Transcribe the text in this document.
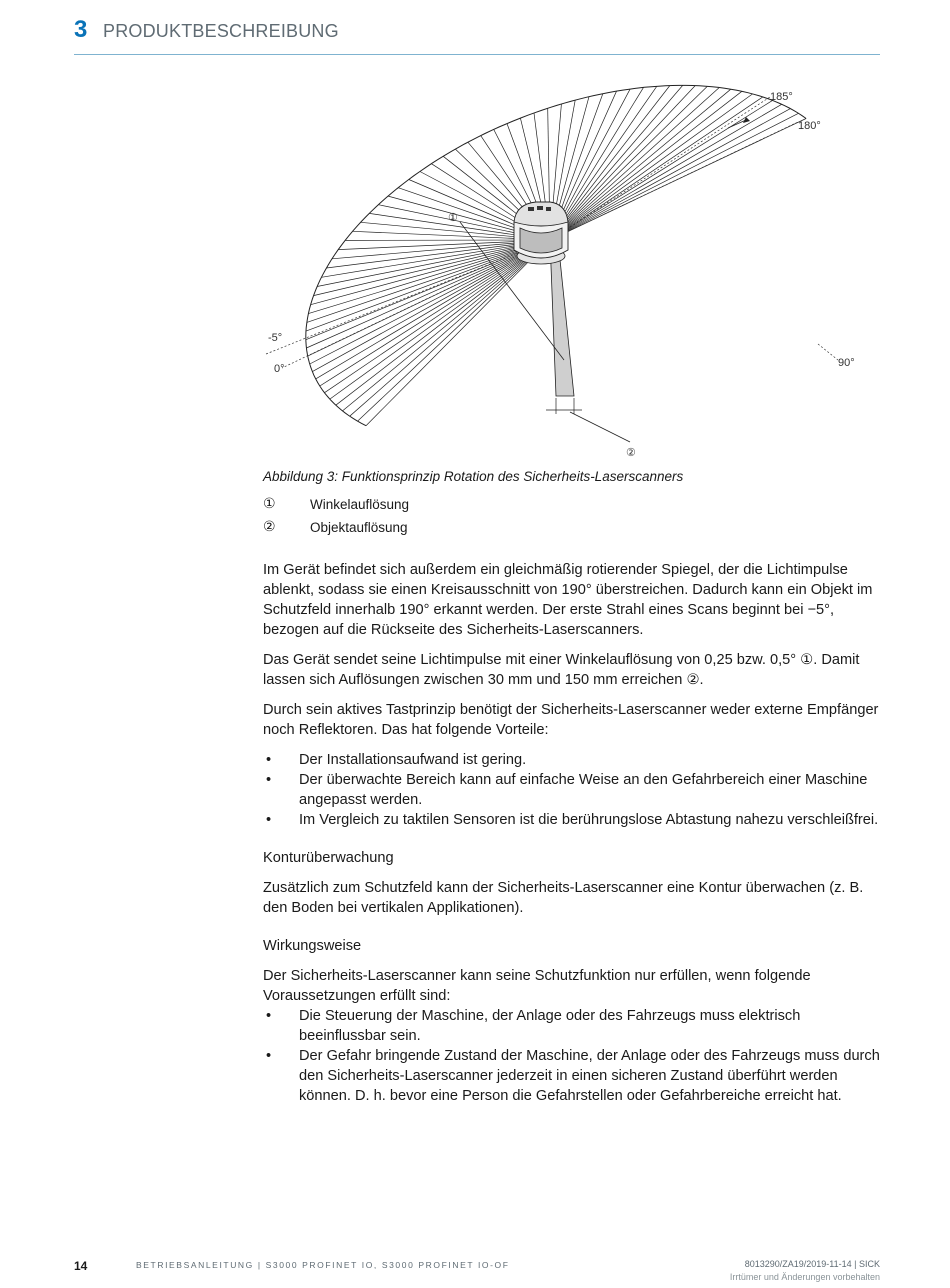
3 PRODUKTBESCHREIBUNG
①
②
185°
180°
90°
0°
-5°
Abbildung 3: Funktionsprinzip Rotation des Sicherheits-Laserscanners
①	Winkelauflösung
②	Objektauflösung

Im Gerät befindet sich außerdem ein gleichmäßig rotierender Spiegel, der die Lichtimpulse ablenkt, sodass sie einen Kreisausschnitt von 190° überstreichen. Dadurch kann ein Objekt im Schutzfeld innerhalb 190° erkannt werden. Der erste Strahl eines Scans beginnt bei −5°, bezogen auf die Rückseite des Sicherheits-Laserscanners.

Das Gerät sendet seine Lichtimpulse mit einer Winkelauflösung von 0,25 bzw. 0,5° ①. Damit lassen sich Auflösungen zwischen 30 mm und 150 mm erreichen ②.

Durch sein aktives Tastprinzip benötigt der Sicherheits-Laserscanner weder externe Empfänger noch Reflektoren. Das hat folgende Vorteile:

• Der Installationsaufwand ist gering.
• Der überwachte Bereich kann auf einfache Weise an den Gefahrbereich einer Maschine angepasst werden.
• Im Vergleich zu taktilen Sensoren ist die berührungslose Abtastung nahezu verschleißfrei.
Konturüberwachung

Zusätzlich zum Schutzfeld kann der Sicherheits-Laserscanner eine Kontur überwachen (z. B. den Boden bei vertikalen Applikationen).

Wirkungsweise

Der Sicherheits-Laserscanner kann seine Schutzfunktion nur erfüllen, wenn folgende Voraussetzungen erfüllt sind:

• Die Steuerung der Maschine, der Anlage oder des Fahrzeugs muss elektrisch beeinflussbar sein.
• Der Gefahr bringende Zustand der Maschine, der Anlage oder des Fahrzeugs muss durch den Sicherheits-Laserscanner jederzeit in einen sicheren Zustand überführt werden können. D. h. bevor eine Person die Gefahrstellen oder Gefahrbereiche erreicht hat.
14	BETRIEBSANLEITUNG | S3000 PROFINET IO, S3000 PROFINET IO-OF	8013290/ZA19/2019-11-14 | SICK
Irrtümer und Änderungen vorbehalten
